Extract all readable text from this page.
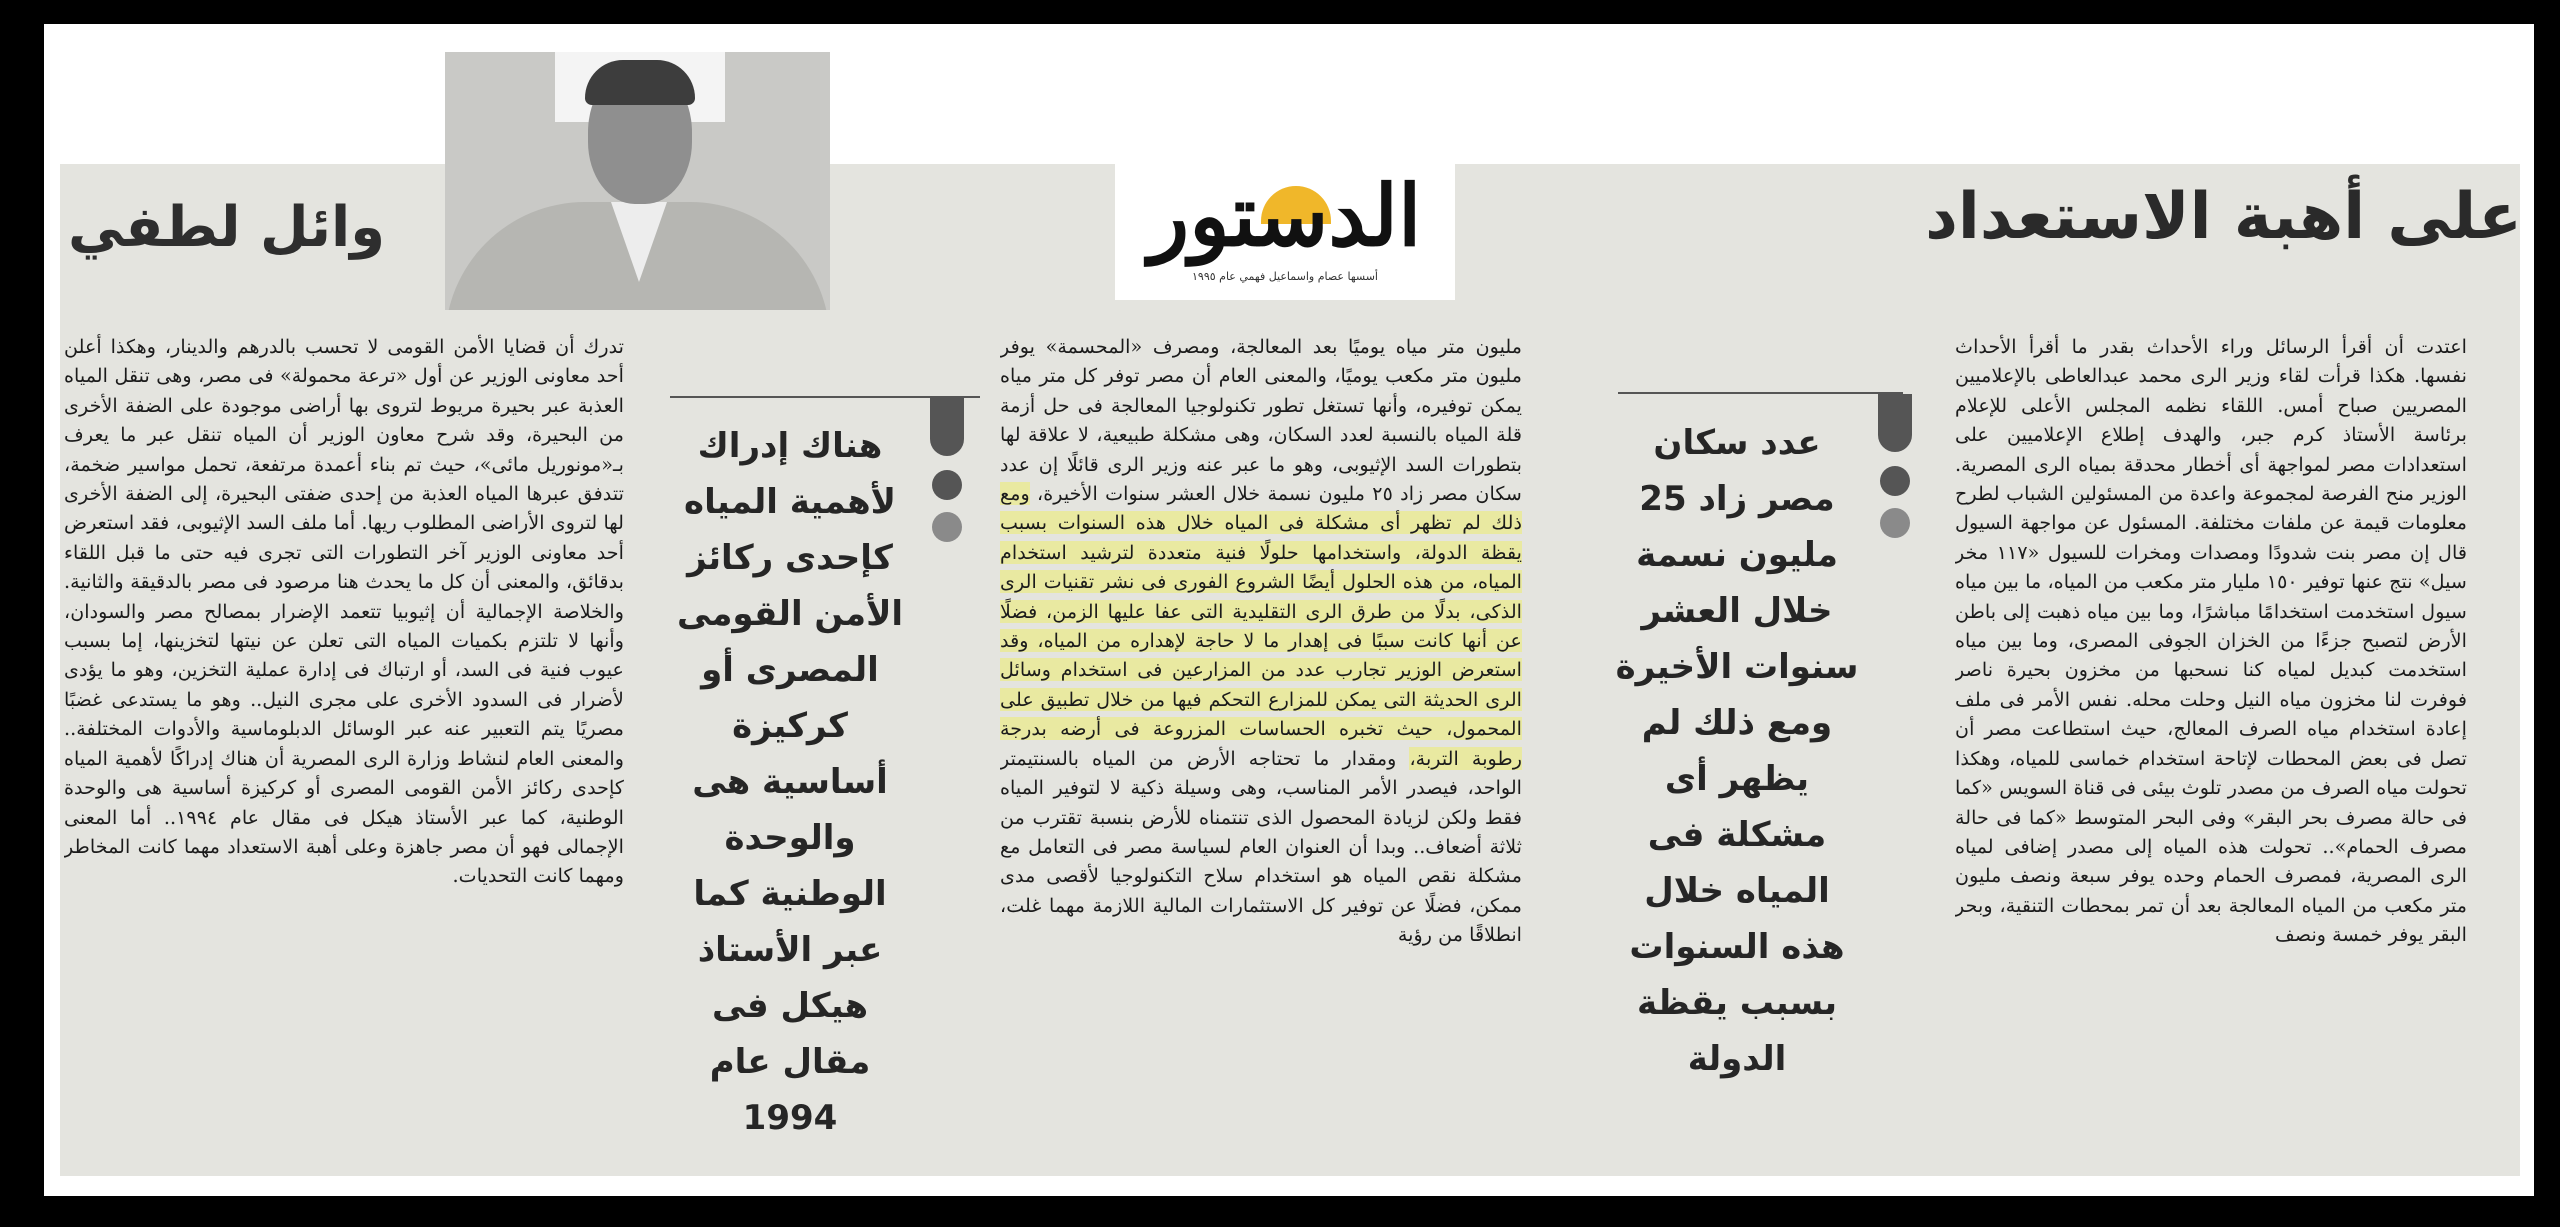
الدستور
أسسها عصام واسماعيل فهمي عام ١٩٩٥
على أهبة الاستعداد
وائل لطفي

اعتدت أن أقرأ الرسائل وراء الأحداث بقدر ما أقرأ الأحداث نفسها. هكذا قرأت لقاء وزير الرى محمد عبدالعاطى بالإعلاميين المصريين صباح أمس. اللقاء نظمه المجلس الأعلى للإعلام برئاسة الأستاذ كرم جبر، والهدف إطلاع الإعلاميين على استعدادات مصر لمواجهة أى أخطار محدقة بمياه الرى المصرية. الوزير منح الفرصة لمجموعة واعدة من المسئولين الشباب لطرح معلومات قيمة عن ملفات مختلفة. المسئول عن مواجهة السيول قال إن مصر بنت شدودًا ومصدات ومخرات للسيول «١١٧ مخر سيل» نتج عنها توفير ١٥٠ مليار متر مكعب من المياه، ما بين مياه سيول استخدمت استخدامًا مباشرًا، وما بين مياه ذهبت إلى باطن الأرض لتصبح جزءًا من الخزان الجوفى المصرى، وما بين مياه استخدمت كبديل لمياه كنا نسحبها من مخزون بحيرة ناصر فوفرت لنا مخزون مياه النيل وحلت محله. نفس الأمر فى ملف إعادة استخدام مياه الصرف المعالج، حيث استطاعت مصر أن تصل فى بعض المحطات لإتاحة استخدام خماسى للمياه، وهكذا تحولت مياه الصرف من مصدر تلوث بيئى فى قناة السويس «كما فى حالة مصرف بحر البقر» وفى البحر المتوسط «كما فى حالة مصرف الحمام».. تحولت هذه المياه إلى مصدر إضافى لمياه الرى المصرية، فمصرف الحمام وحده يوفر سبعة ونصف مليون متر مكعب من المياه المعالجة بعد أن تمر بمحطات التنقية، وبحر البقر يوفر خمسة ونصف

عدد سكان مصر زاد 25 مليون نسمة خلال العشر سنوات الأخيرة ومع ذلك لم يظهر أى مشكلة فى المياه خلال هذه السنوات بسبب يقظة الدولة

مليون متر مياه يوميًا بعد المعالجة، ومصرف «المحسمة» يوفر مليون متر مكعب يوميًا، والمعنى العام أن مصر توفر كل متر مياه يمكن توفيره، وأنها تستغل تطور تكنولوجيا المعالجة فى حل أزمة قلة المياه بالنسبة لعدد السكان، وهى مشكلة طبيعية، لا علاقة لها بتطورات السد الإثيوبى، وهو ما عبر عنه وزير الرى قائلًا إن عدد سكان مصر زاد ٢٥ مليون نسمة خلال العشر سنوات الأخيرة، ومع ذلك لم تظهر أى مشكلة فى المياه خلال هذه السنوات بسبب يقظة الدولة، واستخدامها حلولًا فنية متعددة لترشيد استخدام المياه، من هذه الحلول أيضًا الشروع الفورى فى نشر تقنيات الرى الذكى، بدلًا من طرق الرى التقليدية التى عفا عليها الزمن، فضلًا عن أنها كانت سببًا فى إهدار ما لا حاجة لإهداره من المياه، وقد استعرض الوزير تجارب عدد من المزارعين فى استخدام وسائل الرى الحديثة التى يمكن للمزارع التحكم فيها من خلال تطبيق على المحمول، حيث تخبره الحساسات المزروعة فى أرضه بدرجة رطوبة التربة، ومقدار ما تحتاجه الأرض من المياه بالسنتيمتر الواحد، فيصدر الأمر المناسب، وهى وسيلة ذكية لا لتوفير المياه فقط ولكن لزيادة المحصول الذى تنتمناه للأرض بنسبة تقترب من ثلاثة أضعاف.. وبدا أن العنوان العام لسياسة مصر فى التعامل مع مشكلة نقص المياه هو استخدام سلاح التكنولوجيا لأقصى مدى ممكن، فضلًا عن توفير كل الاستثمارات المالية اللازمة مهما غلت، انطلاقًا من رؤية

هناك إدراك لأهمية المياه كإحدى ركائز الأمن القومى المصرى أو كركيزة أساسية هى والوحدة الوطنية كما عبر الأستاذ هيكل فى مقال عام 1994

تدرك أن قضايا الأمن القومى لا تحسب بالدرهم والدينار، وهكذا أعلن أحد معاونى الوزير عن أول «ترعة محمولة» فى مصر، وهى تنقل المياه العذبة عبر بحيرة مريوط لتروى بها أراضى موجودة على الضفة الأخرى من البحيرة، وقد شرح معاون الوزير أن المياه تنقل عبر ما يعرف بـ«مونوريل مائى»، حيث تم بناء أعمدة مرتفعة، تحمل مواسير ضخمة، تتدفق عبرها المياه العذبة من إحدى ضفتى البحيرة، إلى الضفة الأخرى لها لتروى الأراضى المطلوب ريها. أما ملف السد الإثيوبى، فقد استعرض أحد معاونى الوزير آخر التطورات التى تجرى فيه حتى ما قبل اللقاء بدقائق، والمعنى أن كل ما يحدث هنا مرصود فى مصر بالدقيقة والثانية. والخلاصة الإجمالية أن إثيوبيا تتعمد الإضرار بمصالح مصر والسودان، وأنها لا تلتزم بكميات المياه التى تعلن عن نيتها لتخزينها، إما بسبب عيوب فنية فى السد، أو ارتباك فى إدارة عملية التخزين، وهو ما يؤدى لأضرار فى السدود الأخرى على مجرى النيل.. وهو ما يستدعى غضبًا مصريًا يتم التعبير عنه عبر الوسائل الدبلوماسية والأدوات المختلفة.. والمعنى العام لنشاط وزارة الرى المصرية أن هناك إدراكًا لأهمية المياه كإحدى ركائز الأمن القومى المصرى أو كركيزة أساسية هى والوحدة الوطنية، كما عبر الأستاذ هيكل فى مقال عام ١٩٩٤.. أما المعنى الإجمالى فهو أن مصر جاهزة وعلى أهبة الاستعداد مهما كانت المخاطر ومهما كانت التحديات.
